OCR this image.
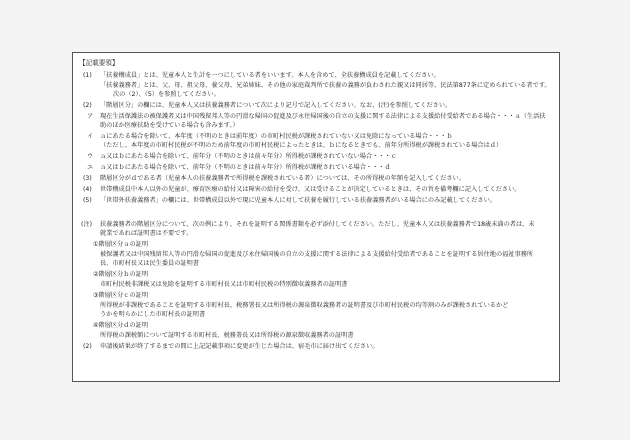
【記載要領】
(1) 「扶養構成員」とは、児童本人と生計を一つにしている者をいいます。本人を含めて、全扶養構成員を記載してください。
「扶養義務者」とは、父、母、祖父母、養父母、兄弟姉妹、その他の家庭裁判所で扶養の義務が負わされた親又は同居等、民法第877条に定められている者です。
次の（2）、（5）を参照してください。
(2) 「階層区分」の欄には、児童本人又は扶養義務者について次により記号で記入してください。なお、(注)を参照してください。
ア 現在生活保護法の被保護者又は中国残留邦人等の円滑な帰国の促進及び永住帰国後の自立の支援に関する法律による支援給付受給者である場合・・・ａ（生活扶
助のほか医療扶助を受けている場合も含みます。）
イ ａにあたる場合を除いて、本年度（不明のときは前年度）の市町村民税が課税されていない又は免除になっている場合・・・ｂ
（ただし、本年度の市町村民税が不明のため前年度の市町村民税によったときは、ｂになるときでも、前年分所得税が課税されている場合はｄ）
ウ ａ又はｂにあたる場合を除いて、前年分（不明のときは前々年分）所得税が課税されていない場合・・・ｃ
エ ａ又はｂにあたる場合を除いて、前年分（不明のときは前々年分）所得税が課税されている場合・・・ｄ
(3) 階層区分がｄである者（児童本人の扶養義務者で所得税を課税されている者）については、その所得税の年額を記入してください。
(4) 世帯構成員中本人以外の児童が、療育医療の給付又は障害の給付を受け、又は受けることが決定しているときは、その旨を備考欄に記入してください。
(5) 「世帯外扶養義務者」の欄には、世帯構成員以外で現に児童本人に対して扶養を履行している扶養義務者がいる場合にのみ記載してください。
(注) 扶養義務者の階層区分について、次の例により、それを証明する関係書類を必ず添付してください。ただし、児童本人又は扶養義務者で18歳未満の者は、未
就業であれば証明書は不要です。
①階層区分ａの証明
被保護者又は中国残留邦人等の円滑な帰国の促進及び永住帰国後の自立の支援に関する法律による支援給付受給者であることを証明する居住地の福祉事務所
長、市町村長又は民生委員の証明書
②階層区分ｂの証明
市町村民税非課税又は免除を証明する市町村長又は市町村民税の特別徴収義務者の証明書
③階層区分ｃの証明
所得税が非課税であることを証明する市町村長、税務署長又は所得税の源泉徴収義務者の証明書及び市町村民税の均等割のみが課税されているかど
うかを明らかにした市町村長の証明書
④階層区分ｄの証明
所得税の課税額について証明する市町村長、税務署長又は所得税の源泉徴収義務者の証明書
(2) 申請後結果が終了するまでの間に上記記載事項に変更が生じた場合は、宿毛市に届け出てください。
